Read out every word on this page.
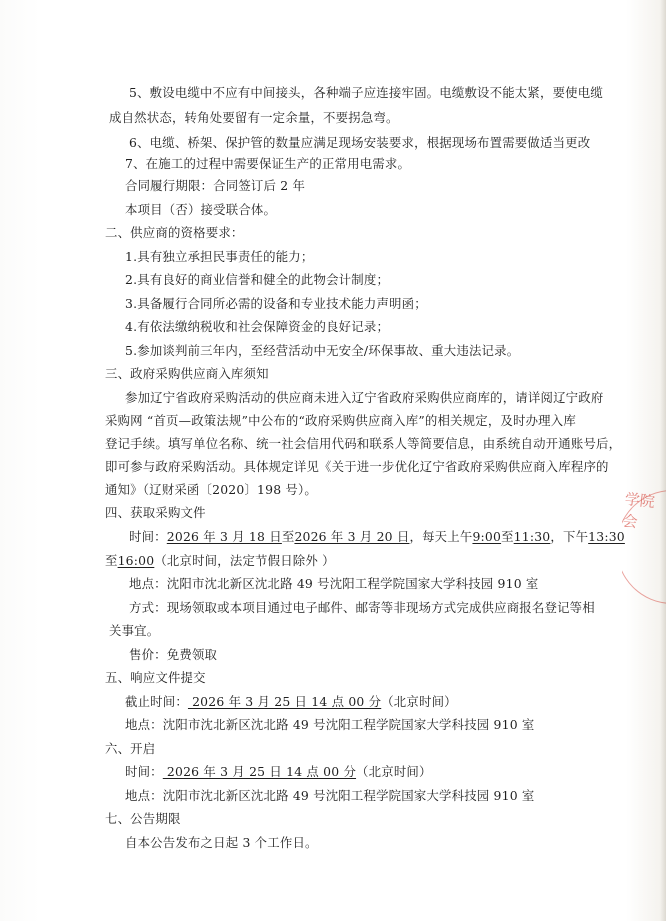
5、敷设电缆中不应有中间接头，各种端子应连接牢固。电缆敷设不能太紧，要使电缆
成自然状态，转角处要留有一定余量，不要拐急弯。
6、电缆、桥架、保护管的数量应满足现场安装要求，根据现场布置需要做适当更改
7、在施工的过程中需要保证生产的正常用电需求。
合同履行期限：合同签订后 2 年
本项目（否）接受联合体。
二、供应商的资格要求：
1.具有独立承担民事责任的能力；
2.具有良好的商业信誉和健全的此物会计制度；
3.具备履行合同所必需的设备和专业技术能力声明函；
4.有依法缴纳税收和社会保障资金的良好记录；
5.参加谈判前三年内，至经营活动中无安全/环保事故、重大违法记录。
三、政府采购供应商入库须知
参加辽宁省政府采购活动的供应商未进入辽宁省政府采购供应商库的，请详阅辽宁政府
采购网 “首页—政策法规”中公布的“政府采购供应商入库”的相关规定，及时办理入库
登记手续。填写单位名称、统一社会信用代码和联系人等简要信息，由系统自动开通账号后，
即可参与政府采购活动。具体规定详见《关于进一步优化辽宁省政府采购供应商入库程序的
通知》（辽财采函〔2020〕198 号）。
四、获取采购文件
时间：2026 年 3 月 18 日至2026 年 3 月 20 日，每天上午9:00至11:30，下午13:30
至16:00（北京时间，法定节假日除外 ）
地点：沈阳市沈北新区沈北路 49 号沈阳工程学院国家大学科技园 910 室
方式：现场领取或本项目通过电子邮件、邮寄等非现场方式完成供应商报名登记等相
关事宜。
售价：免费领取
五、响应文件提交
截止时间： 2026 年 3 月 25 日 14 点 00 分（北京时间）
地点：沈阳市沈北新区沈北路 49 号沈阳工程学院国家大学科技园 910 室
六、开启
时间： 2026 年 3 月 25 日 14 点 00 分（北京时间）
地点：沈阳市沈北新区沈北路 49 号沈阳工程学院国家大学科技园 910 室
七、公告期限
自本公告发布之日起 3 个工作日。
学院会
